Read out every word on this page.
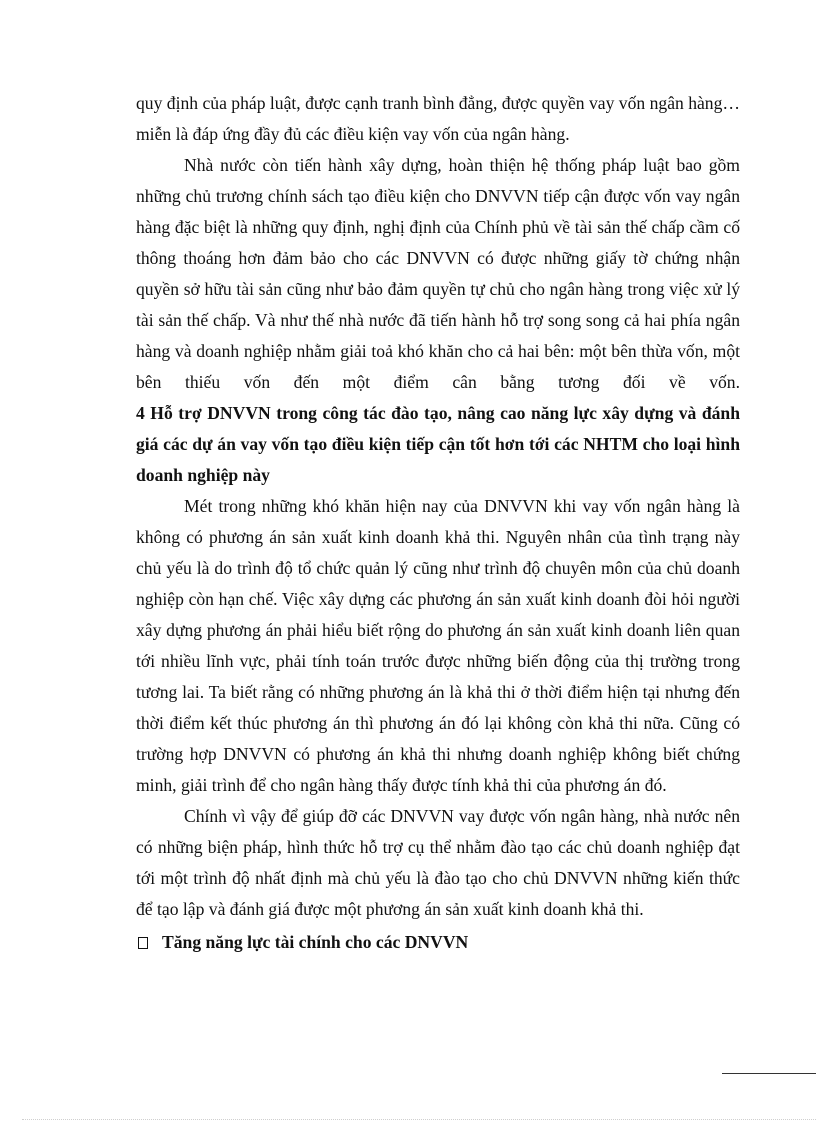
quy định của pháp luật, được cạnh tranh bình đẳng, được quyền vay vốn ngân hàng…miễn là đáp ứng đầy đủ các điều kiện vay vốn của ngân hàng.

Nhà nước còn tiến hành xây dựng, hoàn thiện hệ thống pháp luật bao gồm những chủ trương chính sách tạo điều kiện cho DNVVN tiếp cận được vốn vay ngân hàng đặc biệt là những quy định, nghị định của Chính phủ về tài sản thế chấp cầm cố thông thoáng hơn đảm bảo cho các DNVVN có được những giấy tờ chứng nhận quyền sở hữu tài sản cũng như bảo đảm quyền tự chủ cho ngân hàng trong việc xử lý tài sản thế chấp. Và như thế nhà nước đã tiến hành hỗ trợ song song cả hai phía ngân hàng và doanh nghiệp nhằm giải toả khó khăn cho cả hai bên: một bên thừa vốn, một bên thiếu vốn đến một điểm cân bằng tương đối về vốn.

4 Hỗ trợ DNVVN trong công tác đào tạo, nâng cao năng lực xây dựng và đánh giá các dự án vay vốn tạo điều kiện tiếp cận tốt hơn tới các NHTM cho loại hình doanh nghiệp này

Mét trong những khó khăn hiện nay của DNVVN khi vay vốn ngân hàng là không có phương án sản xuất kinh doanh khả thi. Nguyên nhân của tình trạng này chủ yếu là do trình độ tổ chức quản lý cũng như trình độ chuyên môn của chủ doanh nghiệp còn hạn chế. Việc xây dựng các phương án sản xuất kinh doanh đòi hỏi người xây dựng phương án phải hiểu biết rộng do phương án sản xuất kinh doanh liên quan tới nhiều lĩnh vực, phải tính toán trước được những biến động của thị trường trong tương lai. Ta biết rằng có những phương án là khả thi ở thời điểm hiện tại nhưng đến thời điểm kết thúc phương án thì phương án đó lại không còn khả thi nữa. Cũng có trường hợp DNVVN có phương án khả thi nhưng doanh nghiệp không biết chứng minh, giải trình để cho ngân hàng thấy được tính khả thi của phương án đó.

Chính vì vậy để giúp đỡ các DNVVN vay được vốn ngân hàng, nhà nước nên có những biện pháp, hình thức hỗ trợ cụ thể nhằm đào tạo các chủ doanh nghiệp đạt tới một trình độ nhất định mà chủ yếu là đào tạo cho chủ DNVVN những kiến thức để tạo lập và đánh giá được một phương án sản xuất kinh doanh khả thi.

Tăng năng lực tài chính cho các DNVVN
